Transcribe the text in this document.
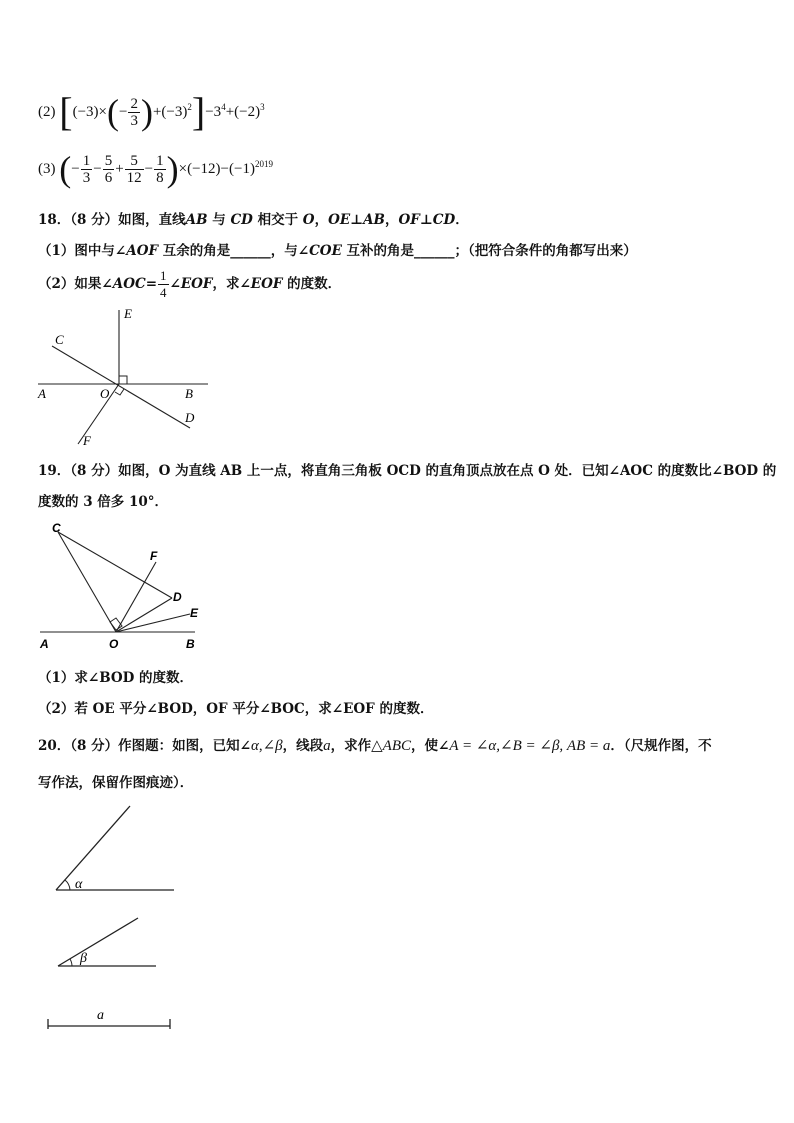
(2) $[(-3)\times(- \frac{2}{3} )+(-3)^2]-3^4+(-2)^3$
(3) (− $\frac{1}{3} - \frac{5}{6} + \frac{5}{12} - \frac{1}{8} )\times(-12)-(-1)^{2019}$
18．（8 分）如图，直线AB 与 CD 相交于 O，OE⊥AB，OF⊥CD．
（1）图中与∠AOF 互余的角是______，与∠COE 互补的角是______；（把符合条件的角都写出来）
（2）如果∠AOC= $\frac{1}{4}$ ∠EOF，求∠EOF 的度数．
E
C
A	O	B
D
F
19．（8 分）如图，O 为直线 AB 上一点，将直角三角板 OCD 的直角顶点放在点 O 处．已知∠AOC 的度数比∠BOD 的
度数的 3 倍多 10°．
C
F
D
E
A	O	B
（1）求∠BOD 的度数．
（2）若 OE 平分∠BOD，OF 平分∠BOC，求∠EOF 的度数．
20．（8 分）作图题：如图，已知∠α,∠β，线段a，求作△ABC，使∠A = ∠α,∠B = ∠β, AB = a．（尺规作图，不
写作法，保留作图痕迹）．
α
β
a
